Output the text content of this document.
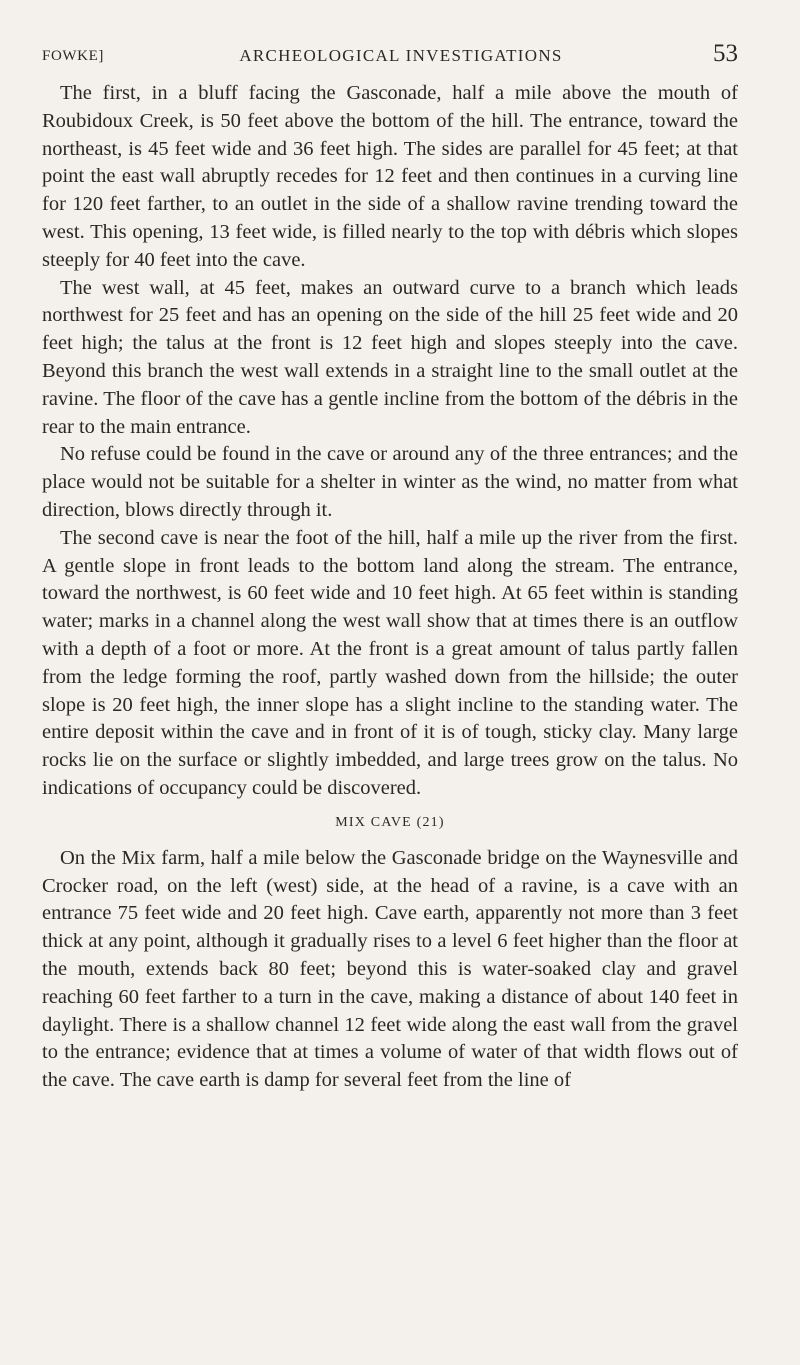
FOWKE]	ARCHEOLOGICAL INVESTIGATIONS	53

The first, in a bluff facing the Gasconade, half a mile above the mouth of Roubidoux Creek, is 50 feet above the bottom of the hill. The entrance, toward the northeast, is 45 feet wide and 36 feet high. The sides are parallel for 45 feet; at that point the east wall abruptly recedes for 12 feet and then continues in a curving line for 120 feet farther, to an outlet in the side of a shallow ravine trending toward the west. This opening, 13 feet wide, is filled nearly to the top with débris which slopes steeply for 40 feet into the cave.

The west wall, at 45 feet, makes an outward curve to a branch which leads northwest for 25 feet and has an opening on the side of the hill 25 feet wide and 20 feet high; the talus at the front is 12 feet high and slopes steeply into the cave. Beyond this branch the west wall extends in a straight line to the small outlet at the ravine. The floor of the cave has a gentle incline from the bottom of the débris in the rear to the main entrance.

No refuse could be found in the cave or around any of the three entrances; and the place would not be suitable for a shelter in winter as the wind, no matter from what direction, blows directly through it.

The second cave is near the foot of the hill, half a mile up the river from the first. A gentle slope in front leads to the bottom land along the stream. The entrance, toward the northwest, is 60 feet wide and 10 feet high. At 65 feet within is standing water; marks in a channel along the west wall show that at times there is an outflow with a depth of a foot or more. At the front is a great amount of talus partly fallen from the ledge forming the roof, partly washed down from the hillside; the outer slope is 20 feet high, the inner slope has a slight incline to the standing water. The entire deposit within the cave and in front of it is of tough, sticky clay. Many large rocks lie on the surface or slightly imbedded, and large trees grow on the talus. No indications of occupancy could be discovered.

MIX CAVE (21)

On the Mix farm, half a mile below the Gasconade bridge on the Waynesville and Crocker road, on the left (west) side, at the head of a ravine, is a cave with an entrance 75 feet wide and 20 feet high. Cave earth, apparently not more than 3 feet thick at any point, although it gradually rises to a level 6 feet higher than the floor at the mouth, extends back 80 feet; beyond this is water-soaked clay and gravel reaching 60 feet farther to a turn in the cave, making a distance of about 140 feet in daylight. There is a shallow channel 12 feet wide along the east wall from the gravel to the entrance; evidence that at times a volume of water of that width flows out of the cave. The cave earth is damp for several feet from the line of
